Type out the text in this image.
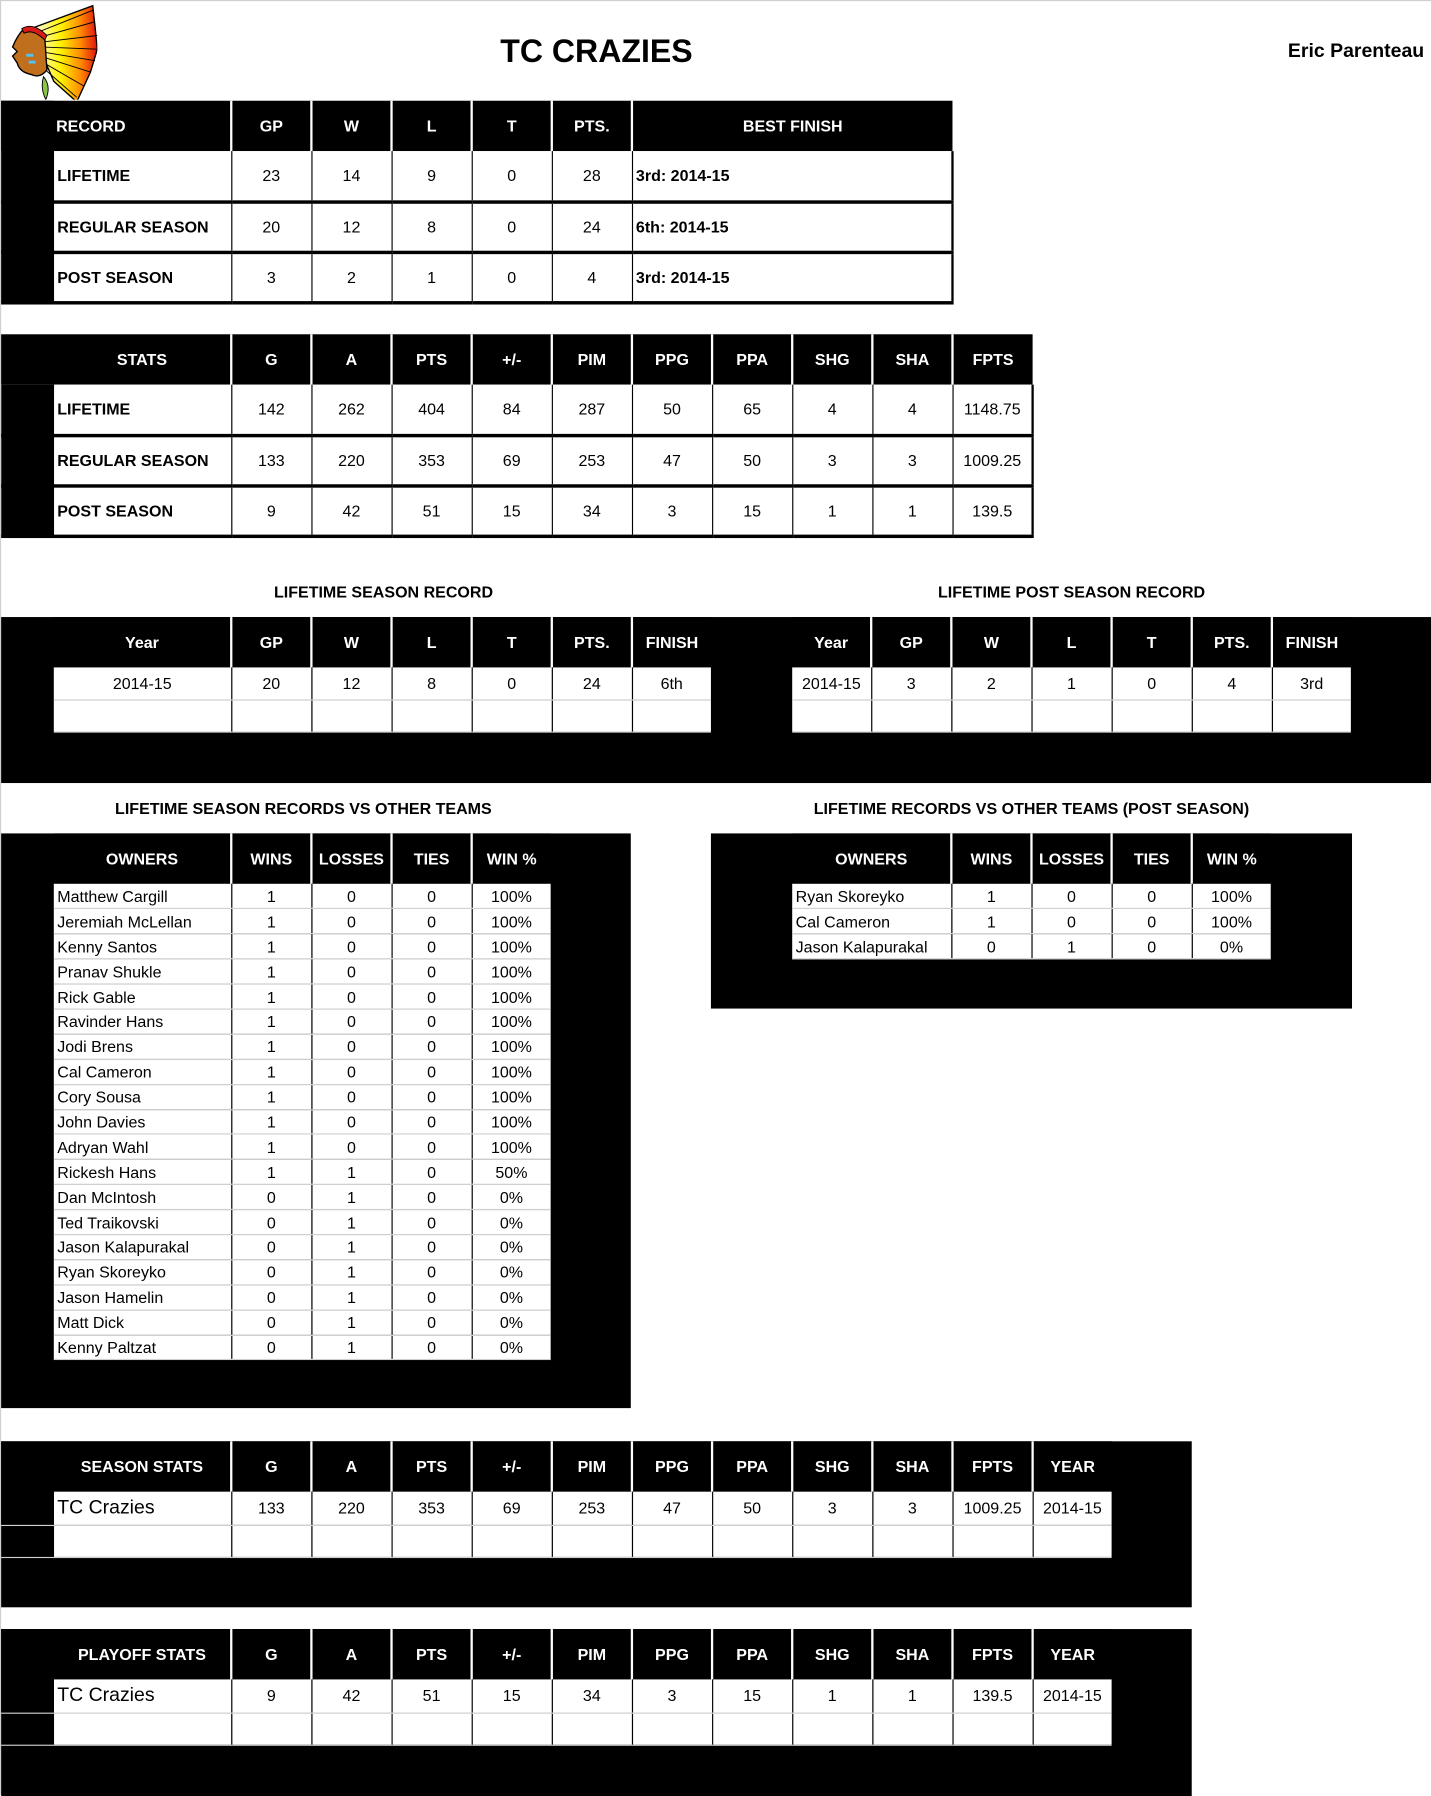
TC CRAZIES	Eric Parenteau
RECORD	GP	W	L	T	PTS.	BEST FINISH
LIFETIME	23	14	9	0	28	3rd: 2014-15
REGULAR SEASON	20	12	8	0	24	6th: 2014-15
POST SEASON	3	2	1	0	4	3rd: 2014-15
STATS	G	A	PTS	+/-	PIM	PPG	PPA	SHG	SHA	FPTS
LIFETIME	142	262	404	84	287	50	65	4	4	1148.75
REGULAR SEASON	133	220	353	69	253	47	50	3	3	1009.25
POST SEASON	9	42	51	15	34	3	15	1	1	139.5
LIFETIME SEASON RECORD
Year	GP	W	L	T	PTS.	FINISH
2014-15	20	12	8	0	24	6th

LIFETIME POST SEASON RECORD
Year	GP	W	L	T	PTS.	FINISH
2014-15	3	2	1	0	4	3rd

LIFETIME SEASON RECORDS VS OTHER TEAMS
OWNERS	WINS	LOSSES	TIES	WIN %
Matthew Cargill	1	0	0	100%
Jeremiah McLellan	1	0	0	100%
Kenny Santos	1	0	0	100%
Pranav Shukle	1	0	0	100%
Rick Gable	1	0	0	100%
Ravinder Hans	1	0	0	100%
Jodi Brens	1	0	0	100%
Cal Cameron	1	0	0	100%
Cory Sousa	1	0	0	100%
John Davies	1	0	0	100%
Adryan Wahl	1	0	0	100%
Rickesh Hans	1	1	0	50%
Dan McIntosh	0	1	0	0%
Ted Traikovski	0	1	0	0%
Jason Kalapurakal	0	1	0	0%
Ryan Skoreyko	0	1	0	0%
Jason Hamelin	0	1	0	0%
Matt Dick	0	1	0	0%
Kenny Paltzat	0	1	0	0%
LIFETIME RECORDS VS OTHER TEAMS (POST SEASON)
OWNERS	WINS	LOSSES	TIES	WIN %
Ryan Skoreyko	1	0	0	100%
Cal Cameron	1	0	0	100%
Jason Kalapurakal	0	1	0	0%
SEASON STATS	G	A	PTS	+/-	PIM	PPG	PPA	SHG	SHA	FPTS	YEAR
TC Crazies	133	220	353	69	253	47	50	3	3	1009.25	2014-15

PLAYOFF STATS	G	A	PTS	+/-	PIM	PPG	PPA	SHG	SHA	FPTS	YEAR
TC Crazies	9	42	51	15	34	3	15	1	1	139.5	2014-15
